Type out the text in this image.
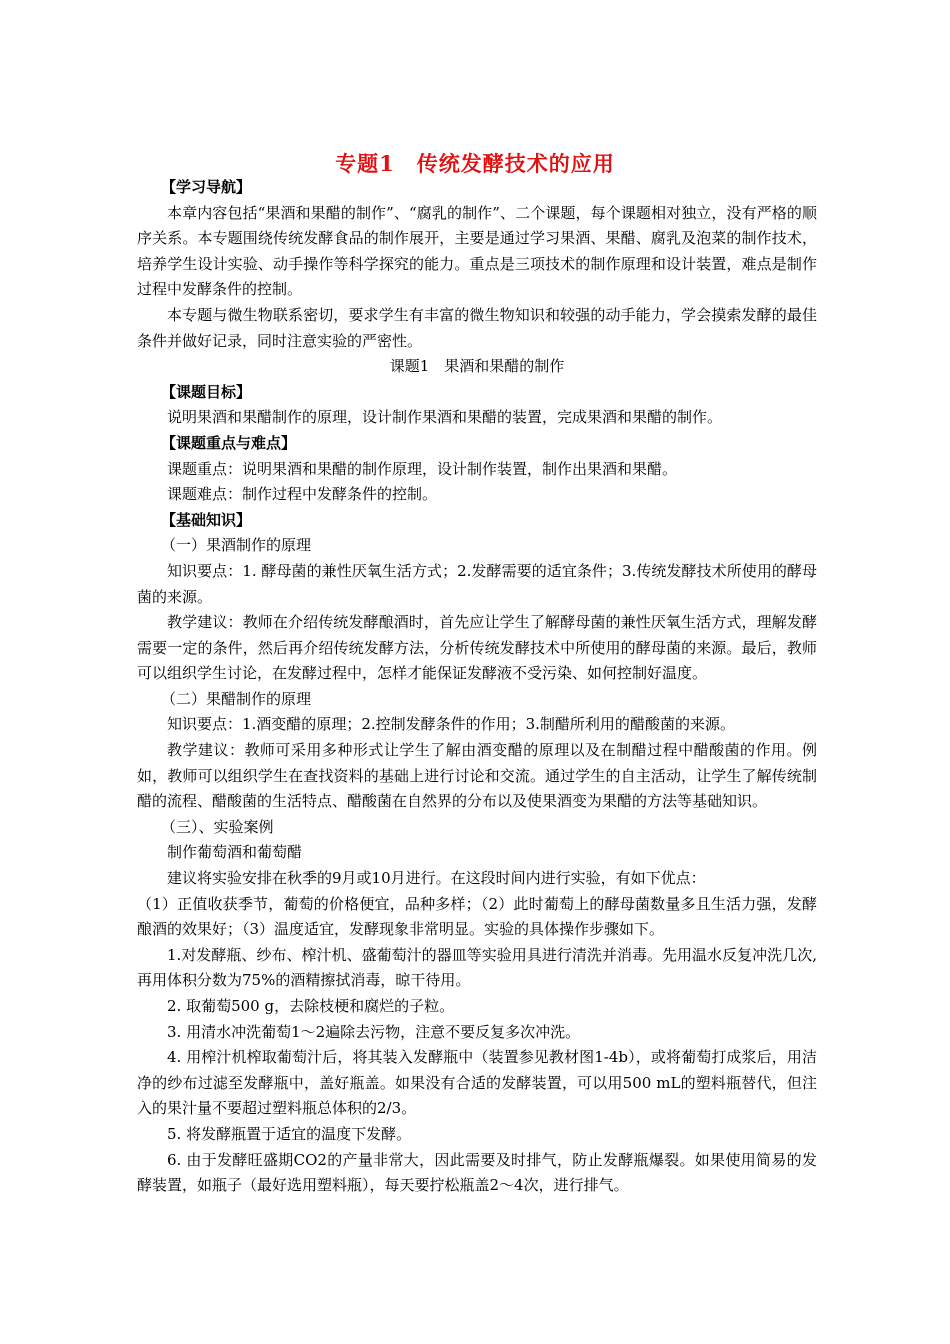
专题1　传统发酵技术的应用

【学习导航】

本章内容包括“果酒和果醋的制作”、“腐乳的制作”、二个课题，每个课题相对独立，没有严格的顺序关系。本专题围绕传统发酵食品的制作展开，主要是通过学习果酒、果醋、腐乳及泡菜的制作技术，培养学生设计实验、动手操作等科学探究的能力。重点是三项技术的制作原理和设计装置，难点是制作过程中发酵条件的控制。

本专题与微生物联系密切，要求学生有丰富的微生物知识和较强的动手能力，学会摸索发酵的最佳条件并做好记录，同时注意实验的严密性。

课题1　果酒和果醋的制作

【课题目标】

说明果酒和果醋制作的原理，设计制作果酒和果醋的装置，完成果酒和果醋的制作。

【课题重点与难点】

课题重点：说明果酒和果醋的制作原理，设计制作装置，制作出果酒和果醋。

课题难点：制作过程中发酵条件的控制。

【基础知识】

（一）果酒制作的原理

知识要点：1. 酵母菌的兼性厌氧生活方式；2.发酵需要的适宜条件；3.传统发酵技术所使用的酵母菌的来源。

教学建议：教师在介绍传统发酵酿酒时，首先应让学生了解酵母菌的兼性厌氧生活方式，理解发酵需要一定的条件，然后再介绍传统发酵方法，分析传统发酵技术中所使用的酵母菌的来源。最后，教师可以组织学生讨论，在发酵过程中，怎样才能保证发酵液不受污染、如何控制好温度。

（二）果醋制作的原理

知识要点：1.酒变醋的原理；2.控制发酵条件的作用；3.制醋所利用的醋酸菌的来源。

教学建议：教师可采用多种形式让学生了解由酒变醋的原理以及在制醋过程中醋酸菌的作用。例如，教师可以组织学生在查找资料的基础上进行讨论和交流。通过学生的自主活动，让学生了解传统制醋的流程、醋酸菌的生活特点、醋酸菌在自然界的分布以及使果酒变为果醋的方法等基础知识。

（三）、实验案例

制作葡萄酒和葡萄醋

建议将实验安排在秋季的9月或10月进行。在这段时间内进行实验，有如下优点：

（1）正值收获季节，葡萄的价格便宜，品种多样；（2）此时葡萄上的酵母菌数量多且生活力强，发酵酿酒的效果好；（3）温度适宜，发酵现象非常明显。实验的具体操作步骤如下。

1.对发酵瓶、纱布、榨汁机、盛葡萄汁的器皿等实验用具进行清洗并消毒。先用温水反复冲洗几次,再用体积分数为75%的酒精擦拭消毒，晾干待用。

2. 取葡萄500 g，去除枝梗和腐烂的子粒。

3. 用清水冲洗葡萄1～2遍除去污物，注意不要反复多次冲洗。

4. 用榨汁机榨取葡萄汁后，将其装入发酵瓶中（装置参见教材图1-4b），或将葡萄打成浆后，用洁净的纱布过滤至发酵瓶中，盖好瓶盖。如果没有合适的发酵装置，可以用500 mL的塑料瓶替代，但注入的果汁量不要超过塑料瓶总体积的2/3。

5. 将发酵瓶置于适宜的温度下发酵。

6. 由于发酵旺盛期CO2的产量非常大，因此需要及时排气，防止发酵瓶爆裂。如果使用简易的发酵装置，如瓶子（最好选用塑料瓶），每天要拧松瓶盖2～4次，进行排气。
